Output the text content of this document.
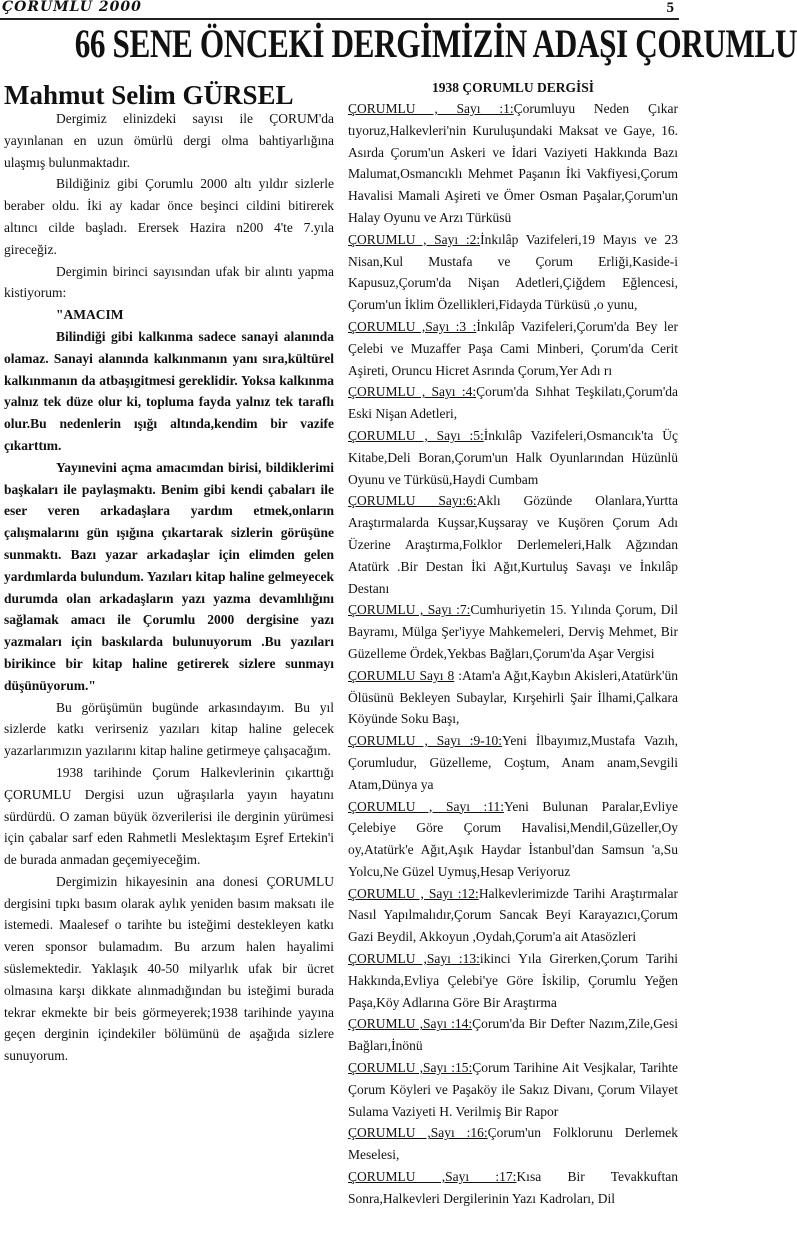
ÇORUMLU 2000	5
66 SENE ÖNCEKİ DERGİMİZİN ADAŞI ÇORUMLU
Mahmut Selim GÜRSEL

Dergimiz elinizdeki sayısı ile ÇORUM'da yayınlanan en uzun ömürlü dergi olma bahtiyarlığına ulaşmış bulunmaktadır.

Bildiğiniz gibi Çorumlu 2000 altı yıldır sizlerle beraber oldu. İki ay kadar önce beşinci cildini bitirerek altıncı cilde başladı. Erersek Hazira n200 4'te 7.yıla gireceğiz.

Dergimin birinci sayısından ufak bir alıntı yapma kistiyorum:

"AMACIM

Bilindiği gibi kalkınma sadece sanayi alanında olamaz. Sanayi alanında kalkınmanın yanı sıra,kültürel kalkınmanın da atbaşıgitmesi gereklidir. Yoksa kalkınma yalnız tek düze olur ki, topluma fayda yalnız tek taraflı olur.Bu nedenlerin ışığı altında,kendim bir vazife çıkarttım.

Yayınevini açma amacımdan birisi, bildiklerimi başkaları ile paylaşmaktı. Benim gibi kendi çabaları ile eser veren arkadaşlara yardım etmek,onların çalışmalarını gün ışığına çıkartarak sizlerin görüşüne sunmaktı. Bazı yazar arkadaşlar için elimden gelen yardımlarda bulundum. Yazıları kitap haline gelmeyecek durumda olan arkadaşların yazı yazma devamlılığını sağlamak amacı ile Çorumlu 2000 dergisine yazı yazmaları için baskılarda bulunuyorum .Bu yazıları birikince bir kitap haline getirerek sizlere sunmayı düşünüyorum."

Bu görüşümün bugünde arkasındayım. Bu yıl sizlerde katkı verirseniz yazıları kitap haline gelecek yazarlarımızın yazılarını kitap haline getirmeye çalışacağım.

1938 tarihinde Çorum Halkevlerinin çıkarttığı ÇORUMLU Dergisi uzun uğraşılarla yayın hayatını sürdürdü. O zaman büyük özverilerisi ile derginin yürümesi için çabalar sarf eden Rahmetli Meslektaşım Eşref Ertekin'i de burada anmadan geçemiyeceğim.

Dergimizin hikayesinin ana donesi ÇORUMLU dergisini tıpkı basım olarak aylık yeniden basım maksatı ile istemedi. Maalesef o tarihte bu isteğimi destekleyen katkı veren sponsor bulamadım. Bu arzum halen hayalimi süslemektedir. Yaklaşık 40-50 milyarlık ufak bir ücret olmasına karşı dikkate alınmadığından bu isteğimi burada tekrar ekmekte bir beis görmeyerek;1938 tarihinde yayına geçen derginin içindekiler bölümünü de aşağıda sizlere sunuyorum.

1938 ÇORUMLU DERGİSİ

ÇORUMLU , Sayı :1:Çorumluyu Neden Çıkar tıyoruz,Halkevleri'nin Kuruluşundaki Maksat ve Gaye, 16. Asırda Çorum'un Askeri ve İdari Vaziyeti Hakkında Bazı Malumat,Osmancıklı Mehmet Paşanın İki Vakfiyesi,Çorum Havalisi Mamali Aşireti ve Ömer Osman Paşalar,Çorum'un Halay Oyunu ve Arzı Türküsü

ÇORUMLU , Sayı :2:İnkılâp Vazifeleri,19 Mayıs ve 23 Nisan,Kul Mustafa ve Çorum Erliği,Kaside-i Kapusuz,Çorum'da Nişan Adetleri,Çiğdem Eğlencesi, Çorum'un İklim Özellikleri,Fidayda Türküsü ,o yunu,

ÇORUMLU ,Sayı :3 :İnkılâp Vazifeleri,Çorum'da Bey ler Çelebi ve Muzaffer Paşa Cami Minberi, Çorum'da Cerit Aşireti, Oruncu Hicret Asrında Çorum,Yer Adı rı

ÇORUMLU , Sayı :4:Çorum'da Sıhhat Teşkilatı,Çorum'da Eski Nişan Adetleri,

ÇORUMLU , Sayı :5:İnkılâp Vazifeleri,Osmancık'ta Üç Kitabe,Deli Boran,Çorum'un Halk Oyunlarından Hüzünlü Oyunu ve Türküsü,Haydi Cumbam

ÇORUMLU Sayı:6:Aklı Gözünde Olanlara,Yurtta Araştırmalarda Kuşsar,Kuşsaray ve Kuşören Çorum Adı Üzerine Araştırma,Folklor Derlemeleri,Halk Ağzından Atatürk .Bir Destan İki Ağıt,Kurtuluş Savaşı ve İnkılâp Destanı

ÇORUMLU , Sayı :7:Cumhuriyetin 15. Yılında Çorum, Dil Bayramı, Mülga Şer'iyye Mahkemeleri, Derviş Mehmet, Bir Güzelleme Ördek,Yekbas Bağları,Çorum'da Aşar Vergisi

ÇORUMLU Sayı 8 :Atam'a Ağıt,Kaybın Akisleri,Atatürk'ün Ölüsünü Bekleyen Subaylar, Kırşehirli Şair İlhami,Çalkara Köyünde Soku Başı,

ÇORUMLU , Sayı :9-10:Yeni İlbayımız,Mustafa Vazıh, Çorumludur, Güzelleme, Coştum, Anam anam,Sevgili Atam,Dünya ya

ÇORUMLU , Sayı :11:Yeni Bulunan Paralar,Evliye Çelebiye Göre Çorum Havalisi,Mendil,Güzeller,Oy oy,Atatürk'e Ağıt,Aşık Haydar İstanbul'dan Samsun 'a,Su Yolcu,Ne Güzel Uymuş,Hesap Veriyoruz

ÇORUMLU , Sayı :12:Halkevlerimizde Tarihi Araştırmalar Nasıl Yapılmalıdır,Çorum Sancak Beyi Karayazıcı,Çorum Gazi Beydil, Akkoyun ,Oydah,Çorum'a ait Atasözleri

ÇORUMLU ,Sayı :13:ikinci Yıla Girerken,Çorum Tarihi Hakkında,Evliya Çelebi'ye Göre İskilip, Çorumlu Yeğen Paşa,Köy Adlarına Göre Bir Araştırma

ÇORUMLU ,Sayı :14:Çorum'da Bir Defter Nazım,Zile,Gesi Bağları,İnönü

ÇORUMLU ,Sayı :15:Çorum Tarihine Ait Vesjkalar, Tarihte Çorum Köyleri ve Paşaköy ile Sakız Divanı, Çorum Vilayet Sulama Vaziyeti H. Verilmiş Bir Rapor

ÇORUMLU ,Sayı :16:Çorum'un Folklorunu Derlemek Meselesi,

ÇORUMLU ,Sayı :17:Kısa Bir Tevakkuftan Sonra,Halkevleri Dergilerinin Yazı Kadroları, Dil
